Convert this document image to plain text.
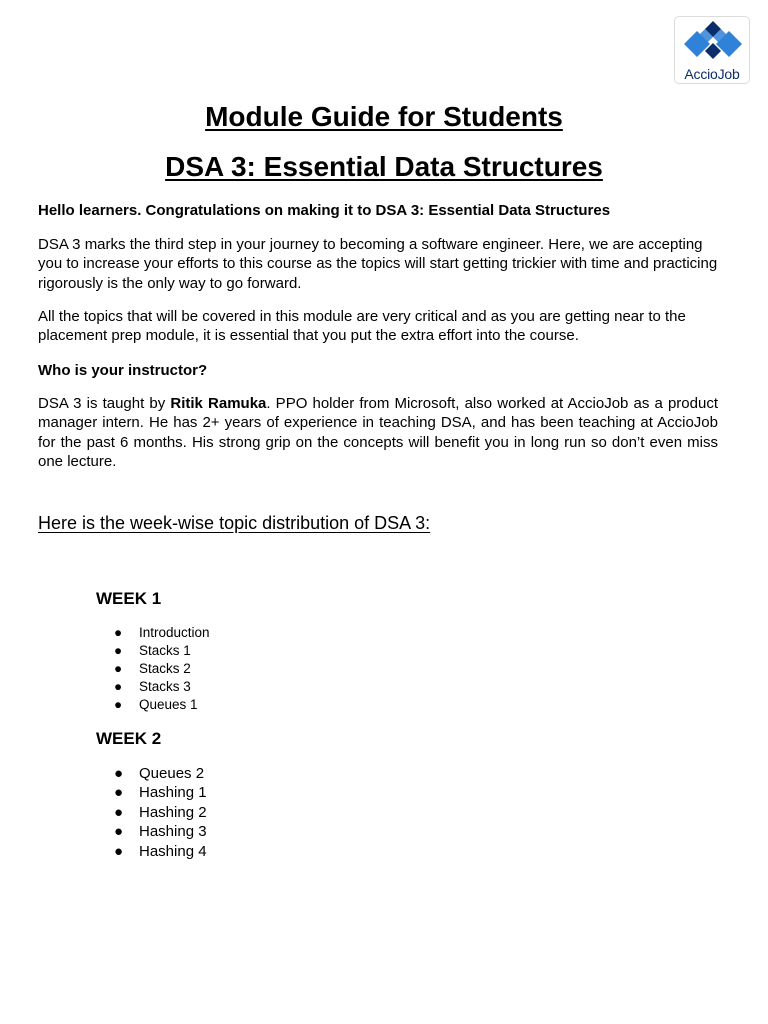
AccioJob
Module Guide for Students
DSA 3: Essential Data Structures
Hello learners. Congratulations on making it to DSA 3: Essential Data Structures
DSA 3 marks the third step in your journey to becoming a software engineer. Here, we are accepting you to increase your efforts to this course as the topics will start getting trickier with time and practicing rigorously is the only way to go forward.
All the topics that will be covered in this module are very critical and as you are getting near to the placement prep module, it is essential that you put the extra effort into the course.
Who is your instructor?
DSA 3 is taught by Ritik Ramuka. PPO holder from Microsoft, also worked at AccioJob as a product manager intern. He has 2+ years of experience in teaching DSA, and has been teaching at AccioJob for the past 6 months. His strong grip on the concepts will benefit you in long run so don’t even miss one lecture.
Here is the week-wise topic distribution of DSA 3:
WEEK 1
● Introduction
● Stacks 1
● Stacks 2
● Stacks 3
● Queues 1
WEEK 2
● Queues 2
● Hashing 1
● Hashing 2
● Hashing 3
● Hashing 4
